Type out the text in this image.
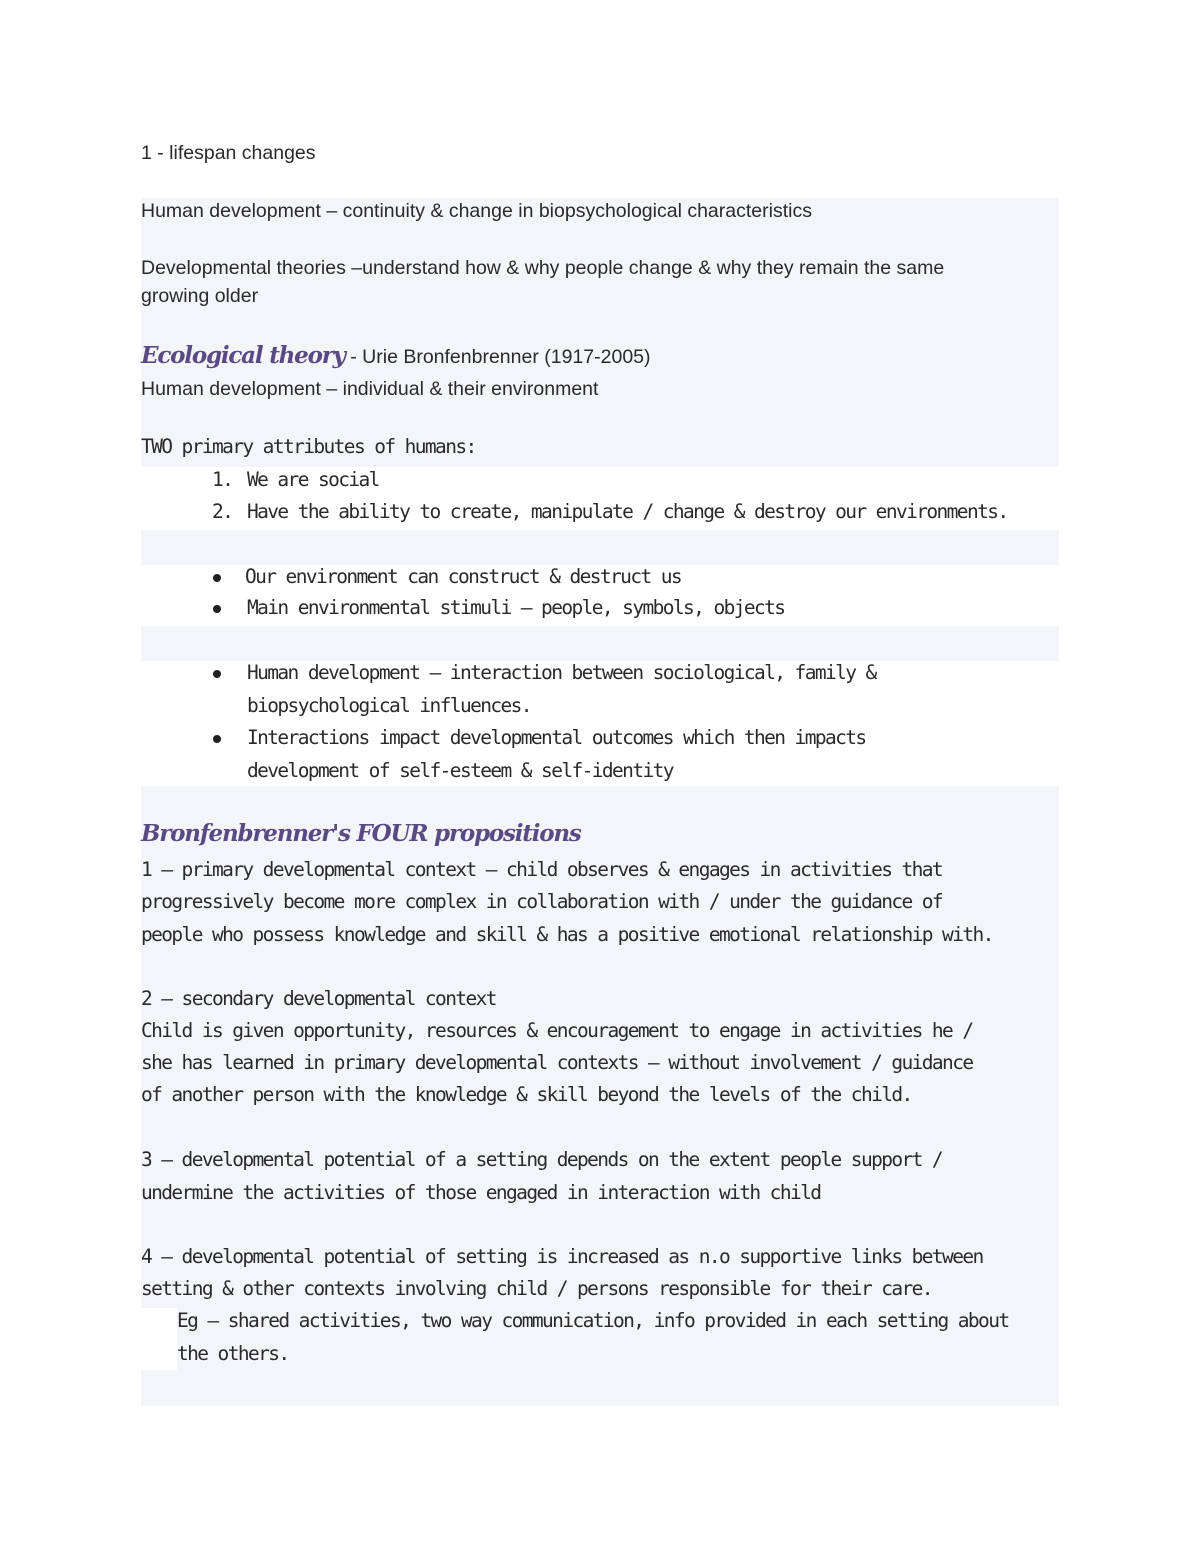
1 - lifespan changes
Human development – continuity & change in biopsychological characteristics
Developmental theories –understand how & why people change & why they remain the same
growing older
Ecological theory - Urie Bronfenbrenner (1917-2005)
Human development – individual & their environment
TWO primary attributes of humans:
1. We are social
2. Have the ability to create, manipulate / change & destroy our environments.
Our environment can construct & destruct us
Main environmental stimuli – people, symbols, objects
Human development – interaction between sociological, family &
biopsychological influences.
Interactions impact developmental outcomes which then impacts
development of self-esteem & self-identity
Bronfenbrenner's FOUR propositions
1 – primary developmental context – child observes & engages in activities that
progressively become more complex in collaboration with / under the guidance of
people who possess knowledge and skill & has a positive emotional relationship with.
2 – secondary developmental context
Child is given opportunity, resources & encouragement to engage in activities he /
she has learned in primary developmental contexts – without involvement / guidance
of another person with the knowledge & skill beyond the levels of the child.
3 – developmental potential of a setting depends on the extent people support /
undermine the activities of those engaged in interaction with child
4 – developmental potential of setting is increased as n.o supportive links between
setting & other contexts involving child / persons responsible for their care.
Eg – shared activities, two way communication, info provided in each setting about
the others.
